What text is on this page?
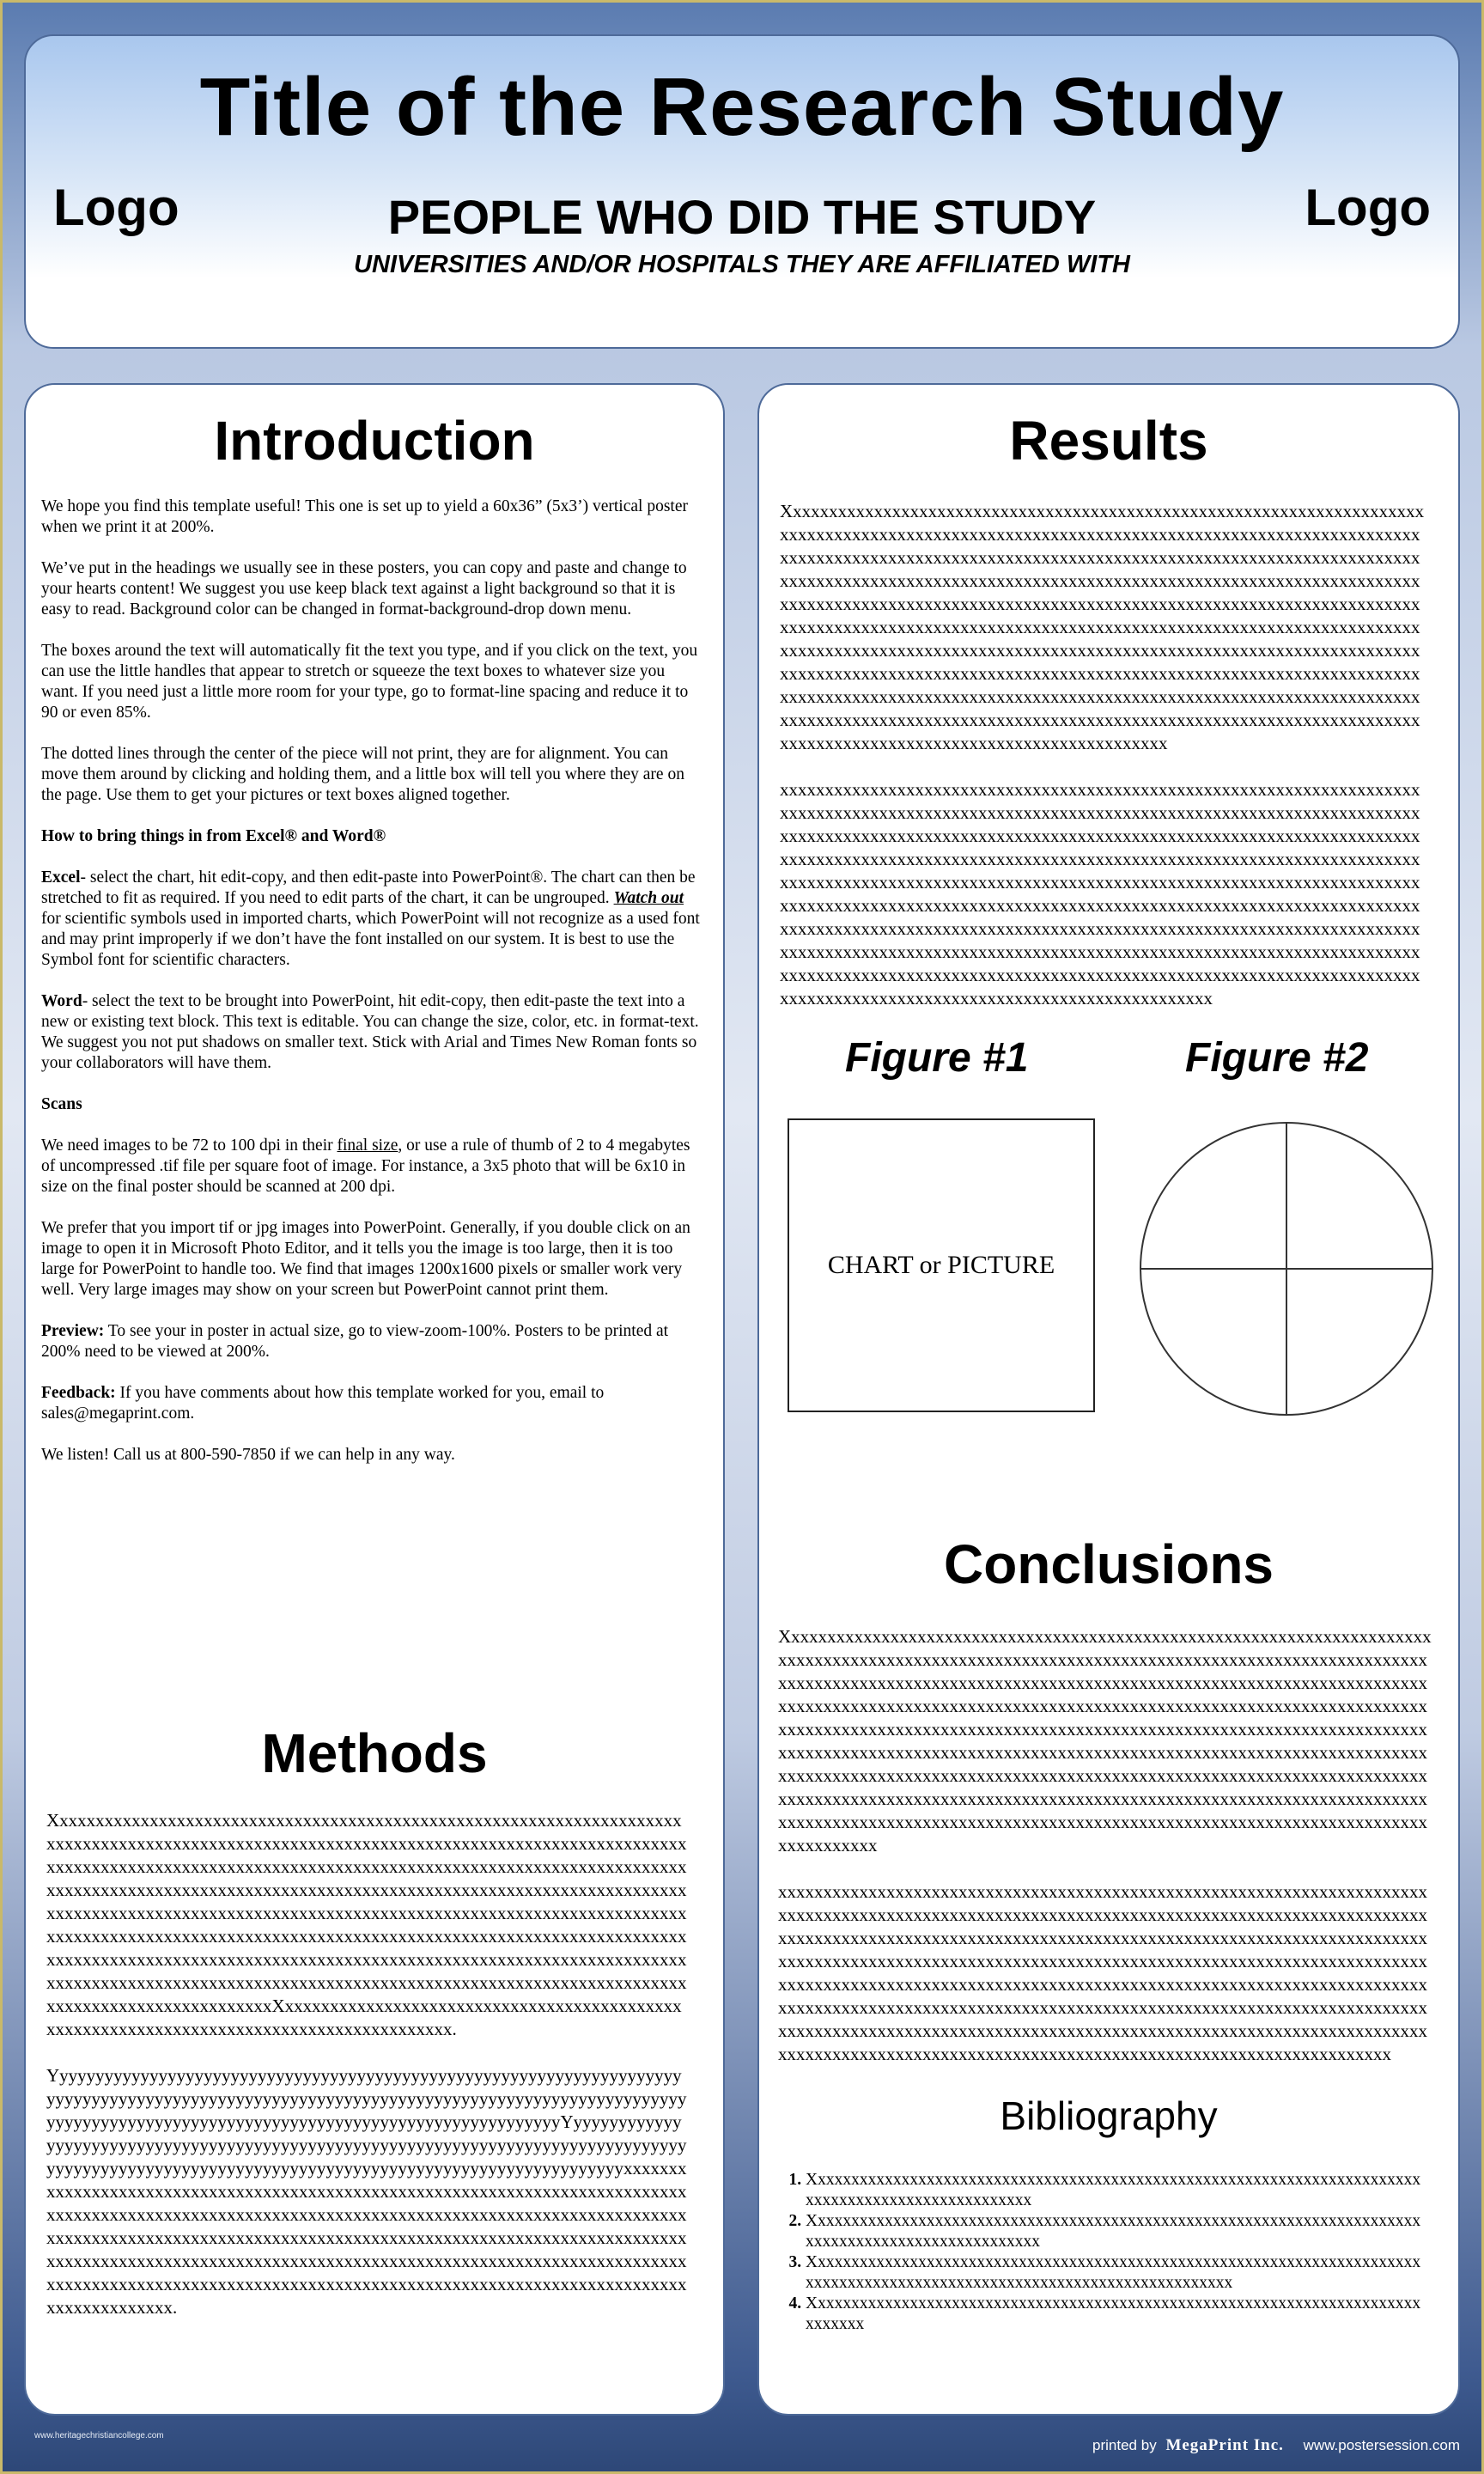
Logo	Logo
Title of the Research Study
PEOPLE WHO DID THE STUDY
UNIVERSITIES AND/OR HOSPITALS THEY ARE AFFILIATED WITH
Introduction

We hope you find this template useful! This one is set up to yield a 60x36” (5x3’) vertical poster when we print it at 200%.

We’ve put in the headings we usually see in these posters, you can copy and paste and change to your hearts content! We suggest you use keep black text against a light background so that it is easy to read. Background color can be changed in format-background-drop down menu.

The boxes around the text will automatically fit the text you type, and if you click on the text, you can use the little handles that appear to stretch or squeeze the text boxes to whatever size you want. If you need just a little more room for your type, go to format-line spacing and reduce it to 90 or even 85%.

The dotted lines through the center of the piece will not print, they are for alignment. You can move them around by clicking and holding them, and a little box will tell you where they are on the page. Use them to get your pictures or text boxes aligned together.

How to bring things in from Excel® and Word®

Excel- select the chart, hit edit-copy, and then edit-paste into PowerPoint®. The chart can then be stretched to fit as required. If you need to edit parts of the chart, it can be ungrouped. Watch out for scientific symbols used in imported charts, which PowerPoint will not recognize as a used font and may print improperly if we don’t have the font installed on our system. It is best to use the Symbol font for scientific characters.

Word- select the text to be brought into PowerPoint, hit edit-copy, then edit-paste the text into a new or existing text block. This text is editable. You can change the size, color, etc. in format-text. We suggest you not put shadows on smaller text. Stick with Arial and Times New Roman fonts so your collaborators will have them.

Scans

We need images to be 72 to 100 dpi in their final size, or use a rule of thumb of 2 to 4 megabytes of uncompressed .tif file per square foot of image. For instance, a 3x5 photo that will be 6x10 in size on the final poster should be scanned at 200 dpi.

We prefer that you import tif or jpg images into PowerPoint. Generally, if you double click on an image to open it in Microsoft Photo Editor, and it tells you the image is too large, then it is too large for PowerPoint to handle too. We find that images 1200x1600 pixels or smaller work very well. Very large images may show on your screen but PowerPoint cannot print them.

Preview: To see your in poster in actual size, go to view-zoom-100%. Posters to be printed at 200% need to be viewed at 200%.

Feedback: If you have comments about how this template worked for you, email to sales@megaprint.com.

We listen! Call us at 800-590-7850 if we can help in any way.

Methods

XxxxxxxxxxxxxxxxxxxxxxxxxxxxxxxxxxxxxxxxxxxxxxxxxxxxxxxxxxxxxxxxxxxxxxxxxxxxxxxxxxxxxxxxxxxxxxxxxxxxxxxxxxxxxxxxxxxxxxxxxxxxxxxxxxxxxxxxxxxxxxxxxxxxxxxxxxxxxxxxxxxxxxxxxxxxxxxxxxxxxxxxxxxxxxxxxxxxxxxxxxxxxxxxxxxxxxxxxxxxxxxxxxxxxxxxxxxxxxxxxxxxxxxxxxxxxxxxxxxxxxxxxxxxxxxxxxxxxxxxxxxxxxxxxxxxxxxxxxxxxxxxxxxxxxxxxxxxxxxxxxxxxxxxxxxxxxxxxxxxxxxxxxxxxxxxxxxxxxxxxxxxxxxxxxxxxxxxxxxxxxxxxxxxxxxxxxxxxxxxxxxxxxxxxxxxxxxxxxxxxxxxxxxxxxxxxxxxxxxxxxxxxxxxxxxxxxxxxxxxxxxxxxxxxxxxxxxxxxxxxxxxxxxxxxxxxxxxxxxxxxxxxxxxxxxxxxxxxxxxxxxxxxxxxxxxxxxxxxxxxxxxxxxxxxxxxxxxxxxxxxxxxxxxxxxxxxxxxxxxxxxxxxxxxxxxXxxxxxxxxxxxxxxxxxxxxxxxxxxxxxxxxxxxxxxxxxxxxxxxxxxxxxxxxxxxxxxxxxxxxxxxxxxxxxxxxxxxxxxxxx.

YyyyyyyyyyyyyyyyyyyyyyyyyyyyyyyyyyyyyyyyyyyyyyyyyyyyyyyyyyyyyyyyyyyyyyyyyyyyyyyyyyyyyyyyyyyyyyyyyyyyyyyyyyyyyyyyyyyyyyyyyyyyyyyyyyyyyyyyyyyyyyyyyyyyyyyyyyyyyyyyyyyyyyyyyyyyyyyyyyyyyyyyyyyyyyyyyyyyyyYyyyyyyyyyyyyyyyyyyyyyyyyyyyyyyyyyyyyyyyyyyyyyyyyyyyyyyyyyyyyyyyyyyyyyyyyyyyyyyyyyyyyyyyyyyyyyyyyyyyyyyyyyyyyyyyyyyyyyyyyyyyyyyyyyyyyyyyyyyyyyyyyyyyxxxxxxxxxxxxxxxxxxxxxxxxxxxxxxxxxxxxxxxxxxxxxxxxxxxxxxxxxxxxxxxxxxxxxxxxxxxxxxxxxxxxxxxxxxxxxxxxxxxxxxxxxxxxxxxxxxxxxxxxxxxxxxxxxxxxxxxxxxxxxxxxxxxxxxxxxxxxxxxxxxxxxxxxxxxxxxxxxxxxxxxxxxxxxxxxxxxxxxxxxxxxxxxxxxxxxxxxxxxxxxxxxxxxxxxxxxxxxxxxxxxxxxxxxxxxxxxxxxxxxxxxxxxxxxxxxxxxxxxxxxxxxxxxxxxxxxxxxxxxxxxxxxxxxxxxxxxxxxxxxxxxxxxxxxxxxxxxxxxxxxxxxxxxxxxxxxxxxxxxxxxxxxxxxxxxxxxx.

Results

Xxxxxxxxxxxxxxxxxxxxxxxxxxxxxxxxxxxxxxxxxxxxxxxxxxxxxxxxxxxxxxxxxxxxxxxxxxxxxxxxxxxxxxxxxxxxxxxxxxxxxxxxxxxxxxxxxxxxxxxxxxxxxxxxxxxxxxxxxxxxxxxxxxxxxxxxxxxxxxxxxxxxxxxxxxxxxxxxxxxxxxxxxxxxxxxxxxxxxxxxxxxxxxxxxxxxxxxxxxxxxxxxxxxxxxxxxxxxxxxxxxxxxxxxxxxxxxxxxxxxxxxxxxxxxxxxxxxxxxxxxxxxxxxxxxxxxxxxxxxxxxxxxxxxxxxxxxxxxxxxxxxxxxxxxxxxxxxxxxxxxxxxxxxxxxxxxxxxxxxxxxxxxxxxxxxxxxxxxxxxxxxxxxxxxxxxxxxxxxxxxxxxxxxxxxxxxxxxxxxxxxxxxxxxxxxxxxxxxxxxxxxxxxxxxxxxxxxxxxxxxxxxxxxxxxxxxxxxxxxxxxxxxxxxxxxxxxxxxxxxxxxxxxxxxxxxxxxxxxxxxxxxxxxxxxxxxxxxxxxxxxxxxxxxxxxxxxxxxxxxxxxxxxxxxxxxxxxxxxxxxxxxxxxxxxxxxxxxxxxxxxxxxxxxxxxxxxxxxxxxxxxxxxxxxxxxxxxxxxxxxxxxxxxxxxxxxxxxxxxxxxxxxxxxxxxxxxxxxxxxxxxxxxxxxxxxxxxxxxxxxxxxxxxxxxxxxxxxxxxxxxxxxxxxxxxxxxxxxxxxxxxxxxxxxxxxx

xxxxxxxxxxxxxxxxxxxxxxxxxxxxxxxxxxxxxxxxxxxxxxxxxxxxxxxxxxxxxxxxxxxxxxxxxxxxxxxxxxxxxxxxxxxxxxxxxxxxxxxxxxxxxxxxxxxxxxxxxxxxxxxxxxxxxxxxxxxxxxxxxxxxxxxxxxxxxxxxxxxxxxxxxxxxxxxxxxxxxxxxxxxxxxxxxxxxxxxxxxxxxxxxxxxxxxxxxxxxxxxxxxxxxxxxxxxxxxxxxxxxxxxxxxxxxxxxxxxxxxxxxxxxxxxxxxxxxxxxxxxxxxxxxxxxxxxxxxxxxxxxxxxxxxxxxxxxxxxxxxxxxxxxxxxxxxxxxxxxxxxxxxxxxxxxxxxxxxxxxxxxxxxxxxxxxxxxxxxxxxxxxxxxxxxxxxxxxxxxxxxxxxxxxxxxxxxxxxxxxxxxxxxxxxxxxxxxxxxxxxxxxxxxxxxxxxxxxxxxxxxxxxxxxxxxxxxxxxxxxxxxxxxxxxxxxxxxxxxxxxxxxxxxxxxxxxxxxxxxxxxxxxxxxxxxxxxxxxxxxxxxxxxxxxxxxxxxxxxxxxxxxxxxxxxxxxxxxxxxxxxxxxxxxxxxxxxxxxxxxxxxxxxxxxxxxxxxxxxxxxxxxxxxxxxxxxxxxxxxxxxxxxxxxxxxxxxxxxxxxxxxxxxxxxxxxxxxxxxxxxxxxxx

Figure #1	Figure #2
CHART or PICTURE
Conclusions

Xxxxxxxxxxxxxxxxxxxxxxxxxxxxxxxxxxxxxxxxxxxxxxxxxxxxxxxxxxxxxxxxxxxxxxxxxxxxxxxxxxxxxxxxxxxxxxxxxxxxxxxxxxxxxxxxxxxxxxxxxxxxxxxxxxxxxxxxxxxxxxxxxxxxxxxxxxxxxxxxxxxxxxxxxxxxxxxxxxxxxxxxxxxxxxxxxxxxxxxxxxxxxxxxxxxxxxxxxxxxxxxxxxxxxxxxxxxxxxxxxxxxxxxxxxxxxxxxxxxxxxxxxxxxxxxxxxxxxxxxxxxxxxxxxxxxxxxxxxxxxxxxxxxxxxxxxxxxxxxxxxxxxxxxxxxxxxxxxxxxxxxxxxxxxxxxxxxxxxxxxxxxxxxxxxxxxxxxxxxxxxxxxxxxxxxxxxxxxxxxxxxxxxxxxxxxxxxxxxxxxxxxxxxxxxxxxxxxxxxxxxxxxxxxxxxxxxxxxxxxxxxxxxxxxxxxxxxxxxxxxxxxxxxxxxxxxxxxxxxxxxxxxxxxxxxxxxxxxxxxxxxxxxxxxxxxxxxxxxxxxxxxxxxxxxxxxxxxxxxxxxxxxxxxxxxxxxxxxxxxxxxxxxxxxxxxxxxxxxxxxxxxxxxxxxxxxxxxxxxxxxxxxxxxxxxxxxxxxxxxxxxxxxxxxxxxxxxxxxx

xxxxxxxxxxxxxxxxxxxxxxxxxxxxxxxxxxxxxxxxxxxxxxxxxxxxxxxxxxxxxxxxxxxxxxxxxxxxxxxxxxxxxxxxxxxxxxxxxxxxxxxxxxxxxxxxxxxxxxxxxxxxxxxxxxxxxxxxxxxxxxxxxxxxxxxxxxxxxxxxxxxxxxxxxxxxxxxxxxxxxxxxxxxxxxxxxxxxxxxxxxxxxxxxxxxxxxxxxxxxxxxxxxxxxxxxxxxxxxxxxxxxxxxxxxxxxxxxxxxxxxxxxxxxxxxxxxxxxxxxxxxxxxxxxxxxxxxxxxxxxxxxxxxxxxxxxxxxxxxxxxxxxxxxxxxxxxxxxxxxxxxxxxxxxxxxxxxxxxxxxxxxxxxxxxxxxxxxxxxxxxxxxxxxxxxxxxxxxxxxxxxxxxxxxxxxxxxxxxxxxxxxxxxxxxxxxxxxxxxxxxxxxxxxxxxxxxxxxxxxxxxxxxxxxxxxxxxxxxxxxxxxxxxxxxxxxxxxxxxxxxxxxxxxxxxxxxxxxxxxxxxxxxxxxxxxxxxxxxxxxxxxxxxxxxxxxxxxxxxxxxxxxxxxxxxx

Bibliography
1. Xxxxxxxxxxxxxxxxxxxxxxxxxxxxxxxxxxxxxxxxxxxxxxxxxxxxxxxxxxxxxxxxxxxxxxxxxxxxxxxxxxxxxxxxxxxxxxxxxxxx
2. Xxxxxxxxxxxxxxxxxxxxxxxxxxxxxxxxxxxxxxxxxxxxxxxxxxxxxxxxxxxxxxxxxxxxxxxxxxxxxxxxxxxxxxxxxxxxxxxxxxxxx
3. Xxxxxxxxxxxxxxxxxxxxxxxxxxxxxxxxxxxxxxxxxxxxxxxxxxxxxxxxxxxxxxxxxxxxxxxxxxxxxxxxxxxxxxxxxxxxxxxxxxxxxxxxxxxxxxxxxxxxxxxxxxxx
4. Xxxxxxxxxxxxxxxxxxxxxxxxxxxxxxxxxxxxxxxxxxxxxxxxxxxxxxxxxxxxxxxxxxxxxxxxxxxxxxxx
www.heritagechristiancollege.com
printed by MegaPrint Inc. www.postersession.com
